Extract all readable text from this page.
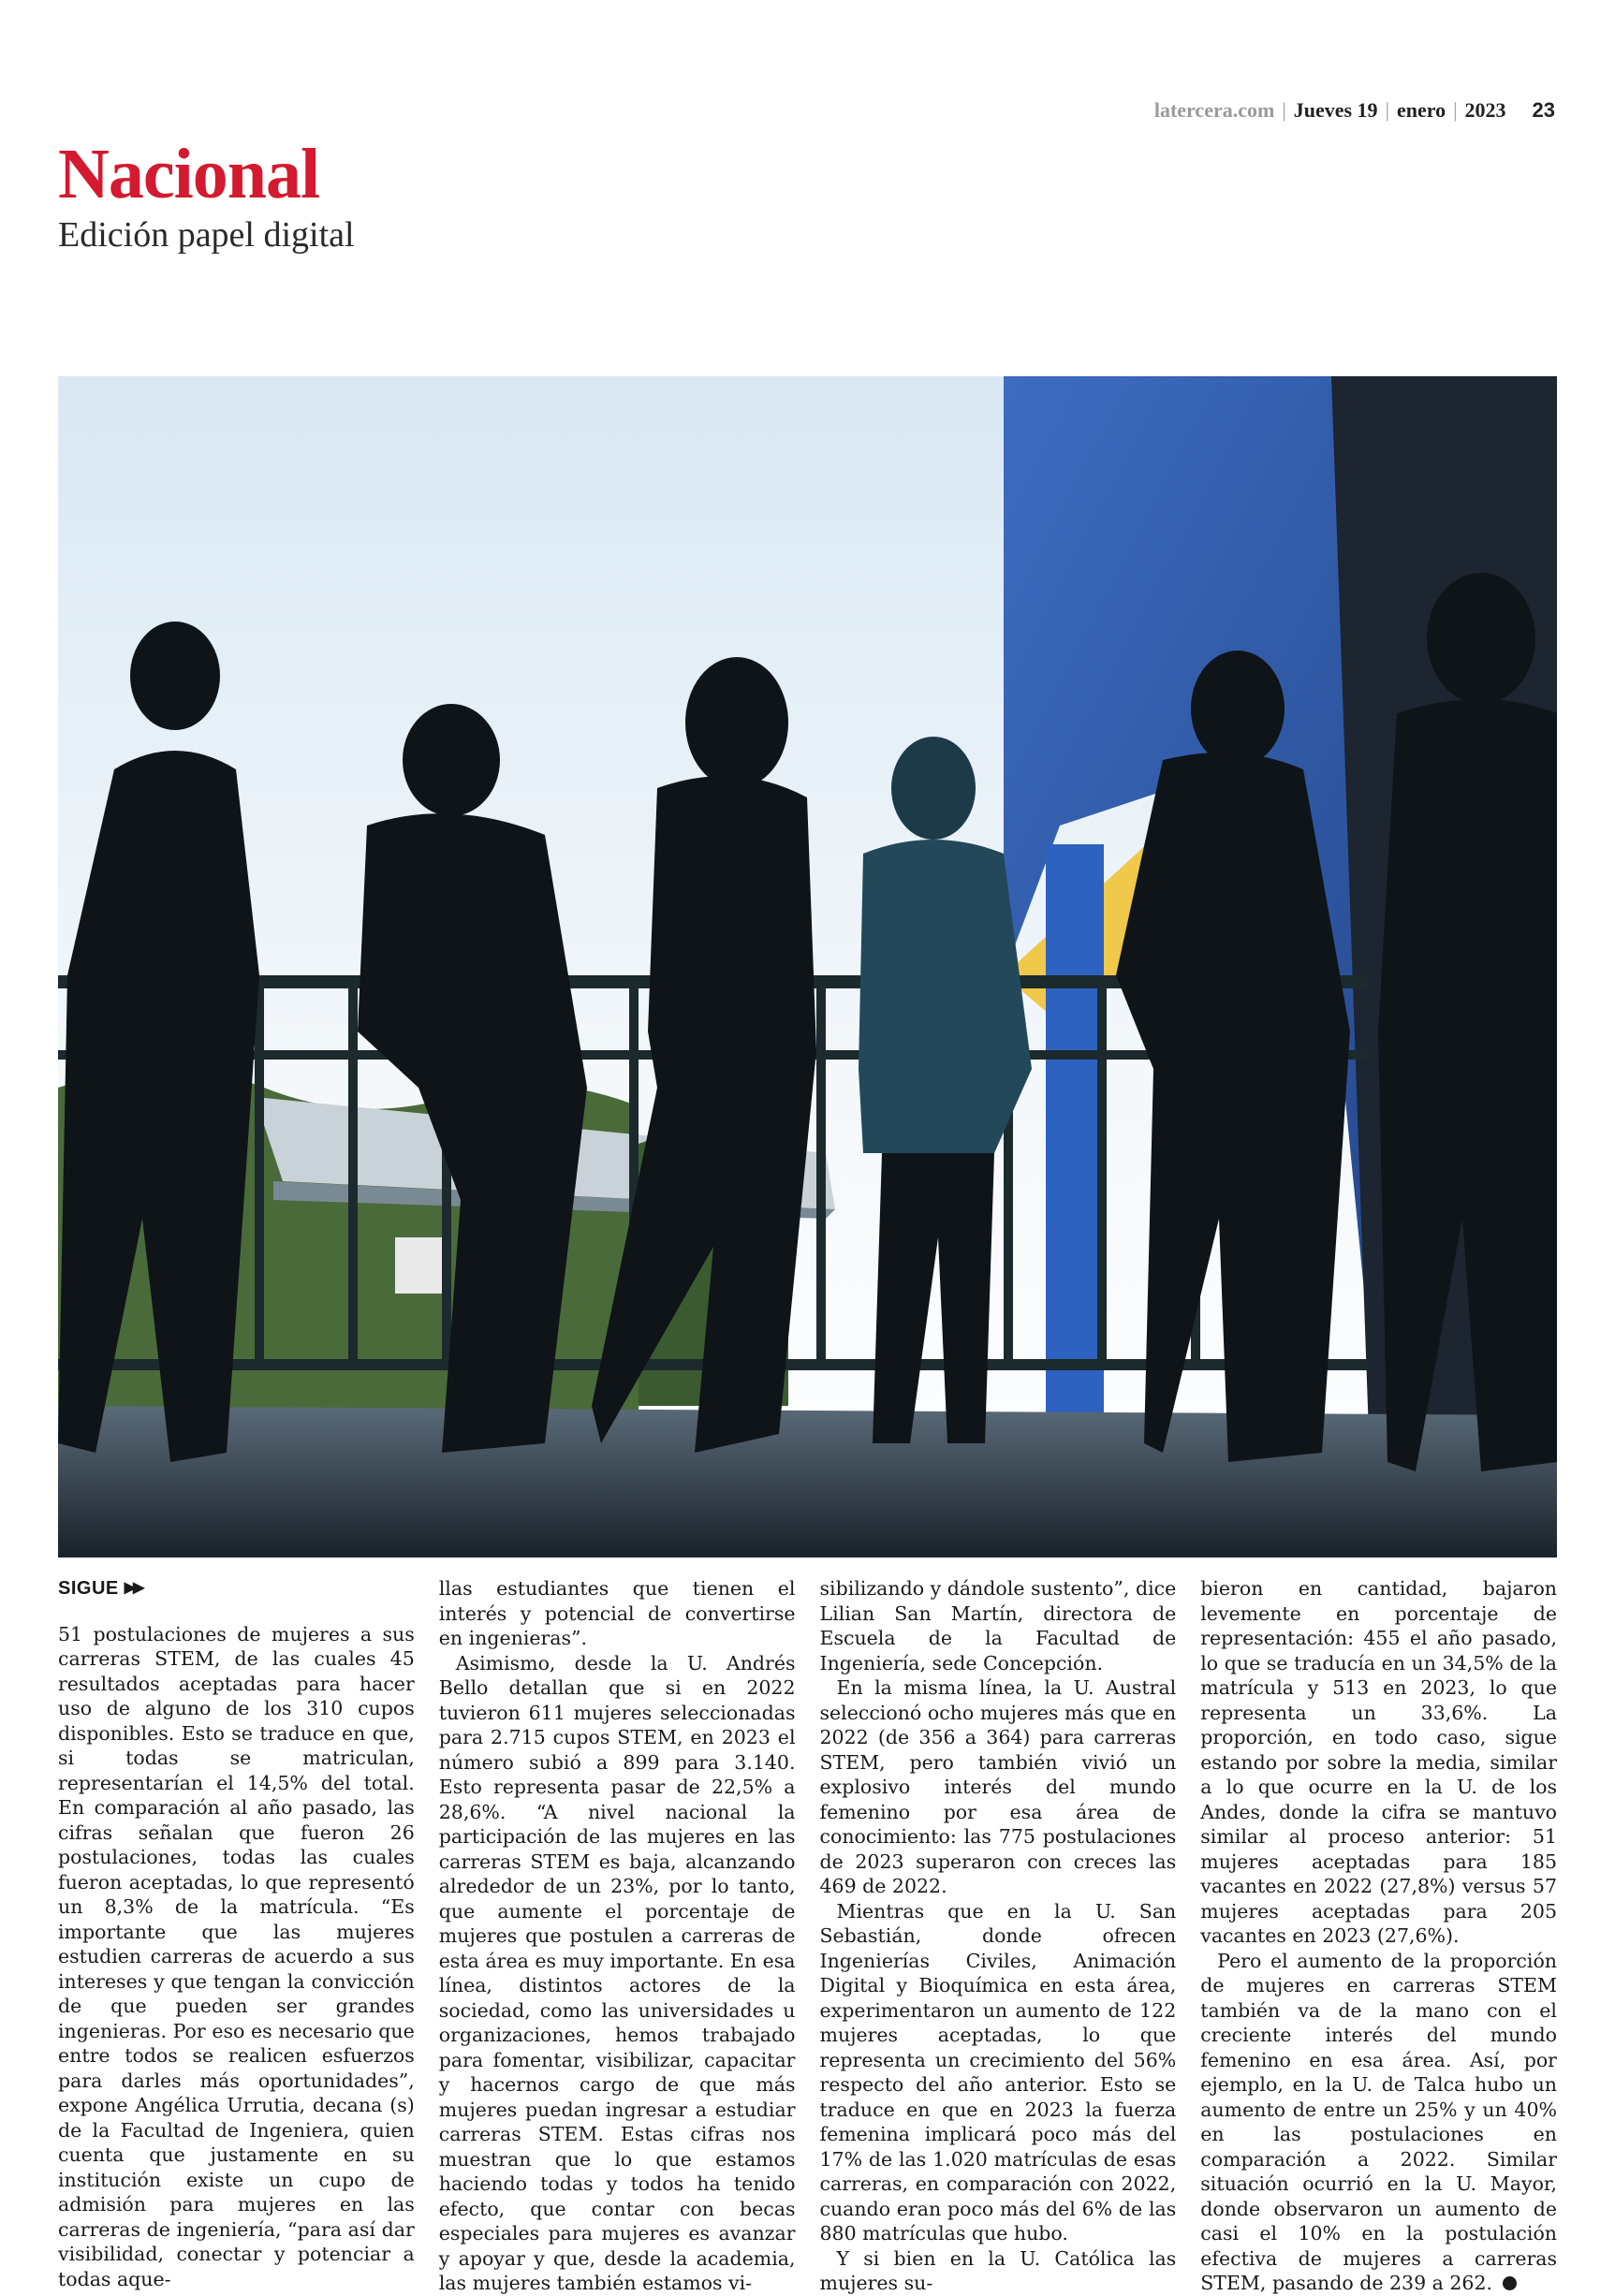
latercera.com | Jueves 19 | enero | 2023 23
Nacional
Edición papel digital
SIGUE ▶▶

51 postulaciones de mujeres a sus carreras STEM, de las cuales 45 resultados aceptadas para hacer uso de alguno de los 310 cupos disponibles. Esto se traduce en que, si todas se matriculan, representarían el 14,5% del total. En comparación al año pasado, las cifras señalan que fueron 26 postulaciones, todas las cuales fueron aceptadas, lo que representó un 8,3% de la matrícula. “Es importante que las mujeres estudien carreras de acuerdo a sus intereses y que tengan la convicción de que pueden ser grandes ingenieras. Por eso es necesario que entre todos se realicen esfuerzos para darles más oportunidades”, expone Angélica Urrutia, decana (s) de la Facultad de Ingeniera, quien cuenta que justamente en su institución existe un cupo de admisión para mujeres en las carreras de ingeniería, “para así dar visibilidad, conectar y potenciar a todas aque-

llas estudiantes que tienen el interés y potencial de convertirse en ingenieras”.

Asimismo, desde la U. Andrés Bello detallan que si en 2022 tuvieron 611 mujeres seleccionadas para 2.715 cupos STEM, en 2023 el número subió a 899 para 3.140. Esto representa pasar de 22,5% a 28,6%. “A nivel nacional la participación de las mujeres en las carreras STEM es baja, alcanzando alrededor de un 23%, por lo tanto, que aumente el porcentaje de mujeres que postulen a carreras de esta área es muy importante. En esa línea, distintos actores de la sociedad, como las universidades u organizaciones, hemos trabajado para fomentar, visibilizar, capacitar y hacernos cargo de que más mujeres puedan ingresar a estudiar carreras STEM. Estas cifras nos muestran que lo que estamos haciendo todas y todos ha tenido efecto, que contar con becas especiales para mujeres es avanzar y apoyar y que, desde la academia, las mujeres también estamos vi-

sibilizando y dándole sustento”, dice Lilian San Martín, directora de Escuela de la Facultad de Ingeniería, sede Concepción.

En la misma línea, la U. Austral seleccionó ocho mujeres más que en 2022 (de 356 a 364) para carreras STEM, pero también vivió un explosivo interés del mundo femenino por esa área de conocimiento: las 775 postulaciones de 2023 superaron con creces las 469 de 2022.

Mientras que en la U. San Sebastián, donde ofrecen Ingenierías Civiles, Animación Digital y Bioquímica en esta área, experimentaron un aumento de 122 mujeres aceptadas, lo que representa un crecimiento del 56% respecto del año anterior. Esto se traduce en que en 2023 la fuerza femenina implicará poco más del 17% de las 1.020 matrículas de esas carreras, en comparación con 2022, cuando eran poco más del 6% de las 880 matrículas que hubo.

Y si bien en la U. Católica las mujeres su-

bieron en cantidad, bajaron levemente en porcentaje de representación: 455 el año pasado, lo que se traducía en un 34,5% de la matrícula y 513 en 2023, lo que representa un 33,6%. La proporción, en todo caso, sigue estando por sobre la media, similar a lo que ocurre en la U. de los Andes, donde la cifra se mantuvo similar al proceso anterior: 51 mujeres aceptadas para 185 vacantes en 2022 (27,8%) versus 57 mujeres aceptadas para 205 vacantes en 2023 (27,6%).

Pero el aumento de la proporción de mujeres en carreras STEM también va de la mano con el creciente interés del mundo femenino en esa área. Así, por ejemplo, en la U. de Talca hubo un aumento de entre un 25% y un 40% en las postulaciones en comparación a 2022. Similar situación ocurrió en la U. Mayor, donde observaron un aumento de casi el 10% en la postulación efectiva de mujeres a carreras STEM, pasando de 239 a 262.
